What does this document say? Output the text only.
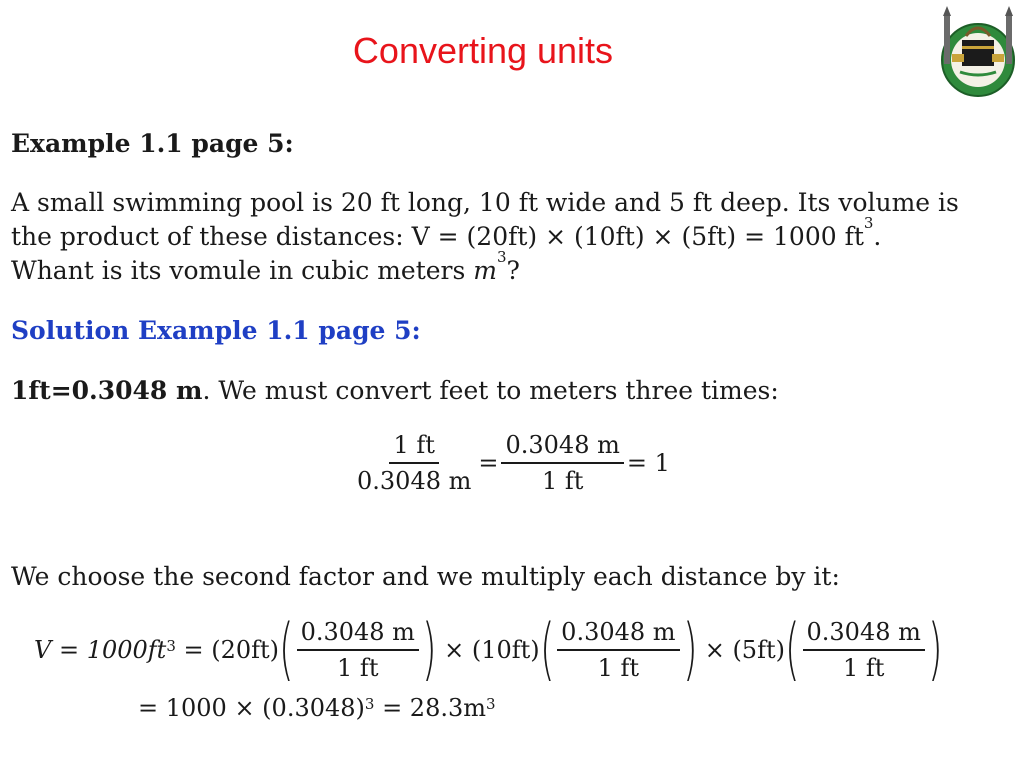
Converting units
Example 1.1 page 5:
A small swimming pool is 20 ft long, 10 ft wide and 5 ft deep. Its volume is
the product of these distances: V = (20ft) × (10ft) × (5ft) = 1000 $ft^3$.
Whant is its vomule in cubic meters $m^3$?
Solution Example 1.1 page 5:
1ft=0.3048 m. We must convert feet to meters three times:
$\frac{1 ft}{0.3048 m} = \frac{0.3048 m}{1 ft} = 1$
We choose the second factor and we multiply each distance by it:
$V = 1000ft^3 = (20ft)$ ( $\frac{0.3048 m}{1 ft}$ ) × (10ft) ( $\frac{0.3048 m}{1 ft}$ ) × (5ft) ( $\frac{0.3048 m}{1 ft}$ )
= $1000 \times (0.3048)^3 = 28.3m^3$
